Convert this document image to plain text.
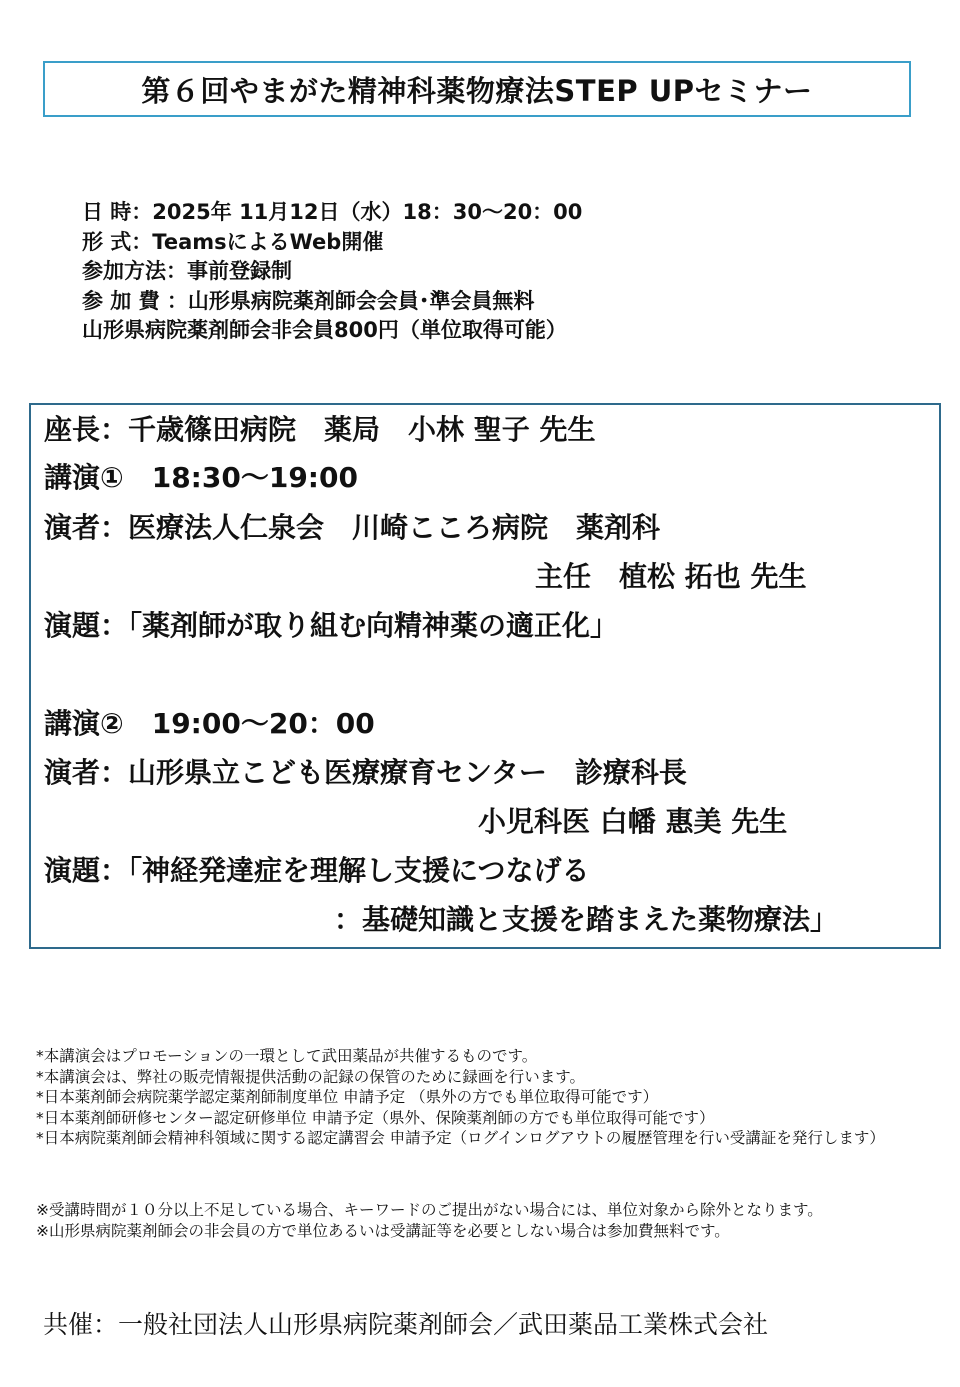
第６回やまがた精神科薬物療法STEP UPセミナー
日 時：2025年 11月12日（水）18：30～20：00
形 式：TeamsによるWeb開催
参加方法：事前登録制
参 加 費 ：山形県病院薬剤師会会員･準会員無料
山形県病院薬剤師会非会員800円（単位取得可能）
座長：千歳篠田病院　薬局　小林 聖子 先生
講演①　18:30～19:00
演者：医療法人仁泉会　川崎こころ病院　薬剤科
主任　植松 拓也 先生
演題：「薬剤師が取り組む向精神薬の適正化」
講演②　19:00～20：00
演者：山形県立こども医療療育センター　診療科長
小児科医 白幡 惠美 先生
演題：「神経発達症を理解し支援につなげる
：基礎知識と支援を踏まえた薬物療法」
*本講演会はプロモーションの一環として武田薬品が共催するものです。
*本講演会は、弊社の販売情報提供活動の記録の保管のために録画を行います。
*日本薬剤師会病院薬学認定薬剤師制度単位 申請予定 （県外の方でも単位取得可能です）
*日本薬剤師研修センター認定研修単位 申請予定（県外、保険薬剤師の方でも単位取得可能です）
*日本病院薬剤師会精神科領域に関する認定講習会 申請予定（ログインログアウトの履歴管理を行い受講証を発行します）
※受講時間が１０分以上不足している場合、キーワードのご提出がない場合には、単位対象から除外となります。
※山形県病院薬剤師会の非会員の方で単位あるいは受講証等を必要としない場合は参加費無料です。
共催：一般社団法人山形県病院薬剤師会／武田薬品工業株式会社
